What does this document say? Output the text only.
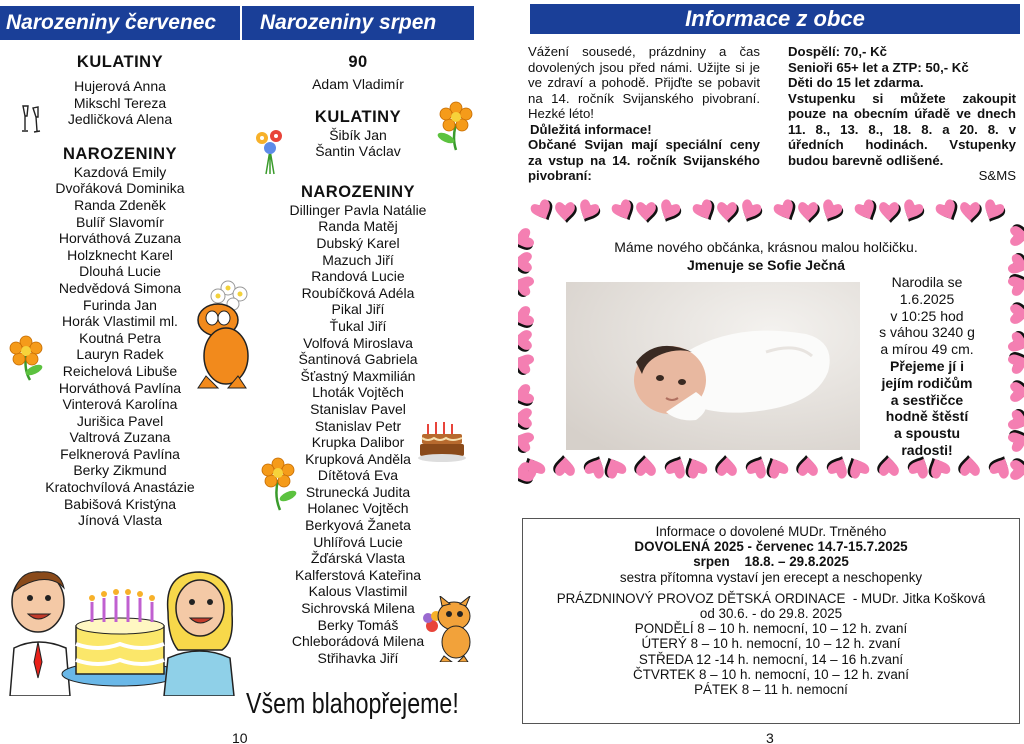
Narozeniny červenec	Narozeniny srpen
KULATINY
Hujerová Anna
Mikschl Tereza
Jedličková Alena
NAROZENINY
Kazdová Emily
Dvořáková Dominika
Randa Zdeněk
Bulíř Slavomír
Horváthová Zuzana
Holzknecht Karel
Dlouhá Lucie
Nedvědová Simona
Furinda Jan
Horák Vlastimil ml.
Koutná Petra
Lauryn Radek
Reichelová Libuše
Horváthová Pavlína
Vinterová Karolína
Jurišica Pavel
Valtrová Zuzana
Felknerová Pavlína
Berky Zikmund
Kratochvílová Anastázie
Babišová Kristýna
Jínová Vlasta
90
Adam Vladimír
KULATINY
Šibík Jan
Šantin Václav
NAROZENINY
Dillinger Pavla Natálie
Randa Matěj
Dubský Karel
Mazuch Jiří
Randová Lucie
Roubíčková Adéla
Pikal Jiří
Ťukal Jiří
Volfová Miroslava
Šantinová Gabriela
Šťastný Maxmilián
Lhoták Vojtěch
Stanislav Pavel
Stanislav Petr
Krupka Dalibor
Krupková Anděla
Dítětová Eva
Strunecká Judita
Holanec Vojtěch
Berkyová Žaneta
Uhlířová Lucie
Žďárská Vlasta
Kalferstová Kateřina
Kalous Vlastimil
Sichrovská Milena
Berky Tomáš
Chleborádová Milena
Střihavka Jiří
Všem blahopřejeme!
10
Informace z obce
Vážení sousedé, prázdniny a čas dovolených jsou před námi. Užijte si je ve zdraví a pohodě. Přijďte se pobavit na 14. ročník Svijanského pivobraní. Hezké léto!
Důležitá informace!
Občané Svijan mají speciální ceny za vstup na 14. ročník Svijanského pivobraní:
Dospělí: 70,- Kč
Senioři 65+ let a ZTP: 50,- Kč
Děti do 15 let zdarma.
Vstupenku si můžete zakoupit pouze na obecním úřadě ve dnech 11. 8., 13. 8., 18. 8. a 20. 8. v úředních hodinách. Vstupenky budou barevně odlišené.
S&MS
Máme nového občánka, krásnou malou holčičku.
Jmenuje se Sofie Ječná
Narodila se
1.6.2025
v 10:25 hod
s váhou 3240 g
a mírou 49 cm.
Přejeme jí i
jejím rodičům
a sestřičce
hodně štěstí
a spoustu
radosti!
Informace o dovolené MUDr. Trněného
DOVOLENÁ 2025 - červenec 14.7-15.7.2025
srpen    18.8. – 29.8.2025
sestra přítomna vystaví jen erecept a neschopenky
PRÁZDNINOVÝ PROVOZ DĚTSKÁ ORDINACE  - MUDr. Jitka Košková
od 30.6. - do 29.8. 2025
PONDĚLÍ 8 – 10 h. nemocní, 10 – 12 h. zvaní
ÚTERÝ 8 – 10 h. nemocní, 10 – 12 h. zvaní
STŘEDA 12 -14 h. nemocní, 14 – 16 h.zvaní
ČTVRTEK 8 – 10 h. nemocní, 10 – 12 h. zvaní
PÁTEK 8 – 11 h. nemocní
3
